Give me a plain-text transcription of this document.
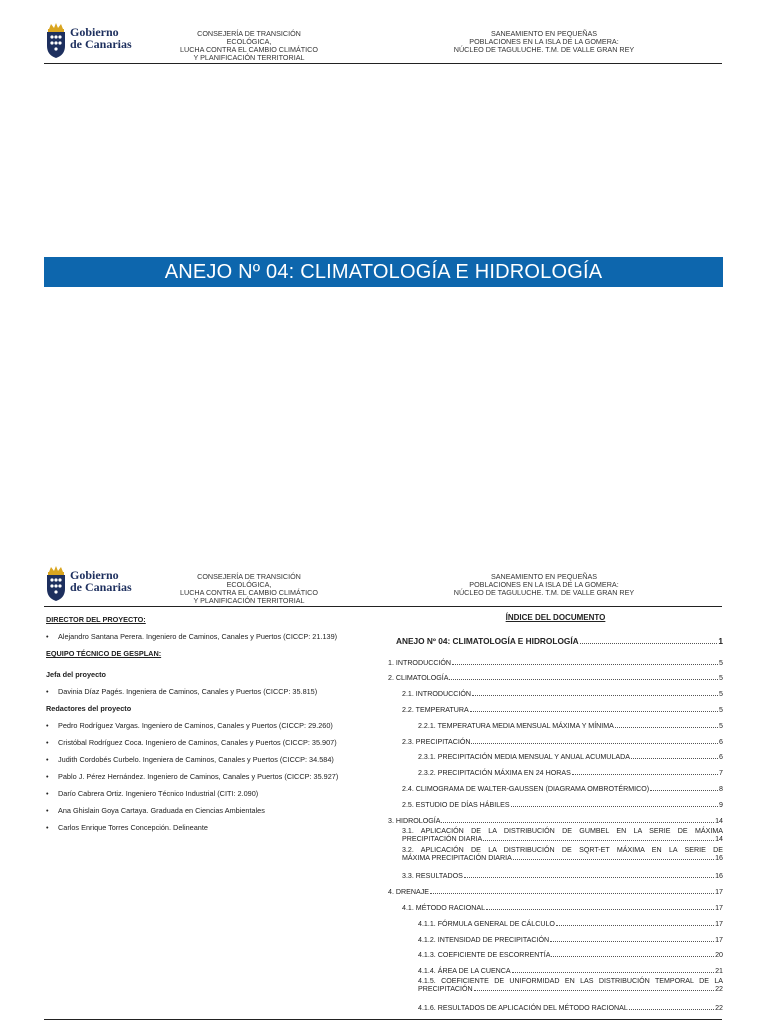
Gobierno
de Canarias
CONSEJERÍA DE TRANSICIÓN ECOLÓGICA,
LUCHA CONTRA EL CAMBIO CLIMÁTICO
Y PLANIFICACIÓN TERRITORIAL
SANEAMIENTO EN PEQUEÑAS
POBLACIONES EN LA ISLA DE LA GOMERA:
NÚCLEO DE TAGULUCHE. T.M. DE VALLE GRAN REY
ANEJO Nº 04: CLIMATOLOGÍA E HIDROLOGÍA
Gobierno
de Canarias
CONSEJERÍA DE TRANSICIÓN ECOLÓGICA,
LUCHA CONTRA EL CAMBIO CLIMÁTICO
Y PLANIFICACIÓN TERRITORIAL
SANEAMIENTO EN PEQUEÑAS
POBLACIONES EN LA ISLA DE LA GOMERA:
NÚCLEO DE TAGULUCHE. T.M. DE VALLE GRAN REY
DIRECTOR DEL PROYECTO:
• Alejandro Santana Perera. Ingeniero de Caminos, Canales y Puertos (CICCP: 21.139)
EQUIPO TÉCNICO DE GESPLAN:
Jefa del proyecto
• Davinia Díaz Pagés. Ingeniera de Caminos, Canales y Puertos (CICCP: 35.815)
Redactores del proyecto
• Pedro Rodríguez Vargas. Ingeniero de Caminos, Canales y Puertos (CICCP: 29.260)
• Cristóbal Rodríguez Coca. Ingeniero de Caminos, Canales y Puertos (CICCP: 35.907)
• Judith Cordobés Curbelo. Ingeniera de Caminos, Canales y Puertos (CICCP: 34.584)
• Pablo J. Pérez Hernández. Ingeniero de Caminos, Canales y Puertos (CICCP: 35.927)
• Darío Cabrera Ortiz. Ingeniero Técnico Industrial (CITI: 2.090)
• Ana Ghislain Goya Cartaya. Graduada en Ciencias Ambientales
• Carlos Enrique Torres Concepción. Delineante
ÍNDICE DEL DOCUMENTO
ANEJO Nº 04: CLIMATOLOGÍA E HIDROLOGÍA	1
1. INTRODUCCIÓN	5
2. CLIMATOLOGÍA	5
2.1. INTRODUCCIÓN	5
2.2. TEMPERATURA	5
2.2.1. TEMPERATURA MEDIA MENSUAL MÁXIMA Y MÍNIMA	5
2.3. PRECIPITACIÓN	6
2.3.1. PRECIPITACIÓN MEDIA MENSUAL Y ANUAL ACUMULADA	6
2.3.2. PRECIPITACIÓN MÁXIMA EN 24 HORAS	7
2.4. CLIMOGRAMA DE WALTER-GAUSSEN (DIAGRAMA OMBROTÉRMICO)	8
2.5. ESTUDIO DE DÍAS HÁBILES	9
3. HIDROLOGÍA	14
3.1. APLICACIÓN DE LA DISTRIBUCIÓN DE GUMBEL EN LA SERIE DE MÁXIMA
PRECIPITACIÓN DIARIA	14
3.2. APLICACIÓN DE LA DISTRIBUCIÓN DE SQRT-ET MÁXIMA EN LA SERIE DE
MÁXIMA PRECIPITACIÓN DIARIA	16
3.3. RESULTADOS	16
4. DRENAJE	17
4.1. MÉTODO RACIONAL	17
4.1.1. FÓRMULA GENERAL DE CÁLCULO	17
4.1.2. INTENSIDAD DE PRECIPITACIÓN	17
4.1.3. COEFICIENTE DE ESCORRENTÍA	20
4.1.4. ÁREA DE LA CUENCA	21
4.1.5. COEFICIENTE DE UNIFORMIDAD EN LAS DISTRIBUCIÓN TEMPORAL DE LA
PRECIPITACIÓN	22
4.1.6. RESULTADOS DE APLICACIÓN DEL MÉTODO RACIONAL	22
